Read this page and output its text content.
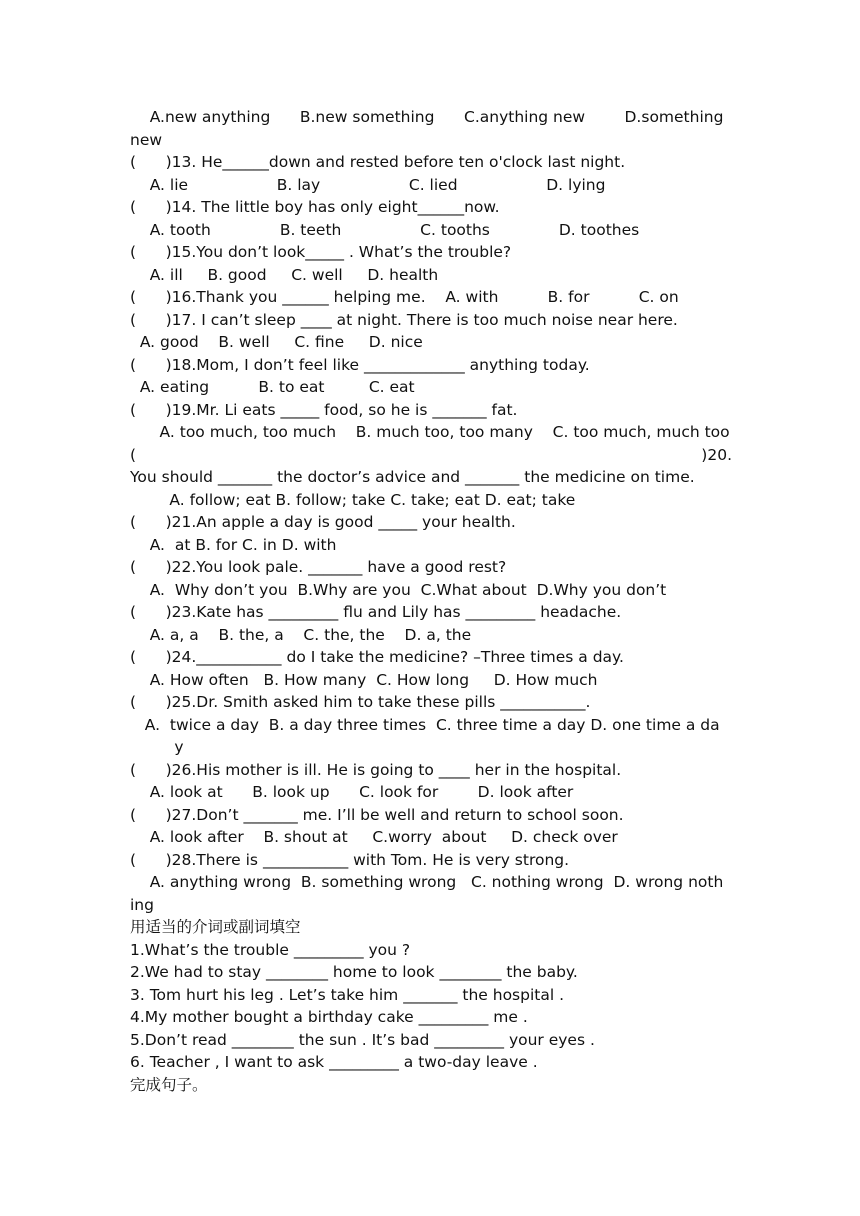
A.new anything      B.new something      C.anything new        D.something
new
(      )13. He______down and rested before ten o'clock last night.
A. lie                  B. lay                  C. lied                  D. lying
(      )14. The little boy has only eight______now.
A. tooth              B. teeth                C. tooths              D. toothes
(      )15.You don’t look_____ . What’s the trouble?
A. ill     B. good     C. well     D. health
(      )16.Thank you ______ helping me.    A. with          B. for          C. on
(      )17. I can’t sleep ____ at night. There is too much noise near here.
A. good    B. well     C. fine     D. nice
(      )18.Mom, I don’t feel like _____________ anything today.
A. eating          B. to eat         C. eat
(      )19.Mr. Li eats _____ food, so he is _______ fat.
A. too much, too much    B. much too, too many    C. too much, much too
(	)20.
You should _______ the doctor’s advice and _______ the medicine on time.
A. follow; eat B. follow; take C. take; eat D. eat; take
(      )21.An apple a day is good _____ your health.
A.  at B. for C. in D. with
(      )22.You look pale. _______ have a good rest?
A.  Why don’t you  B.Why are you  C.What about  D.Why you don’t
(      )23.Kate has _________ flu and Lily has _________ headache.
A. a, a    B. the, a    C. the, the    D. a, the
(      )24.___________ do I take the medicine? –Three times a day.
A. How often   B. How many  C. How long     D. How much
(      )25.Dr. Smith asked him to take these pills ___________.
A.  twice a day  B. a day three times  C. three time a day D. one time a da
y
(      )26.His mother is ill. He is going to ____ her in the hospital.
A. look at      B. look up      C. look for        D. look after
(      )27.Don’t _______ me. I’ll be well and return to school soon.
A. look after    B. shout at     C.worry  about     D. check over
(      )28.There is ___________ with Tom. He is very strong.
A. anything wrong  B. something wrong   C. nothing wrong  D. wrong noth
ing
用适当的介词或副词填空
1.What’s the trouble _________ you ?
2.We had to stay ________ home to look ________ the baby.
3. Tom hurt his leg . Let’s take him _______ the hospital .
4.My mother bought a birthday cake _________ me .
5.Don’t read ________ the sun . It’s bad _________ your eyes .
6. Teacher , I want to ask _________ a two-day leave .
完成句子。
